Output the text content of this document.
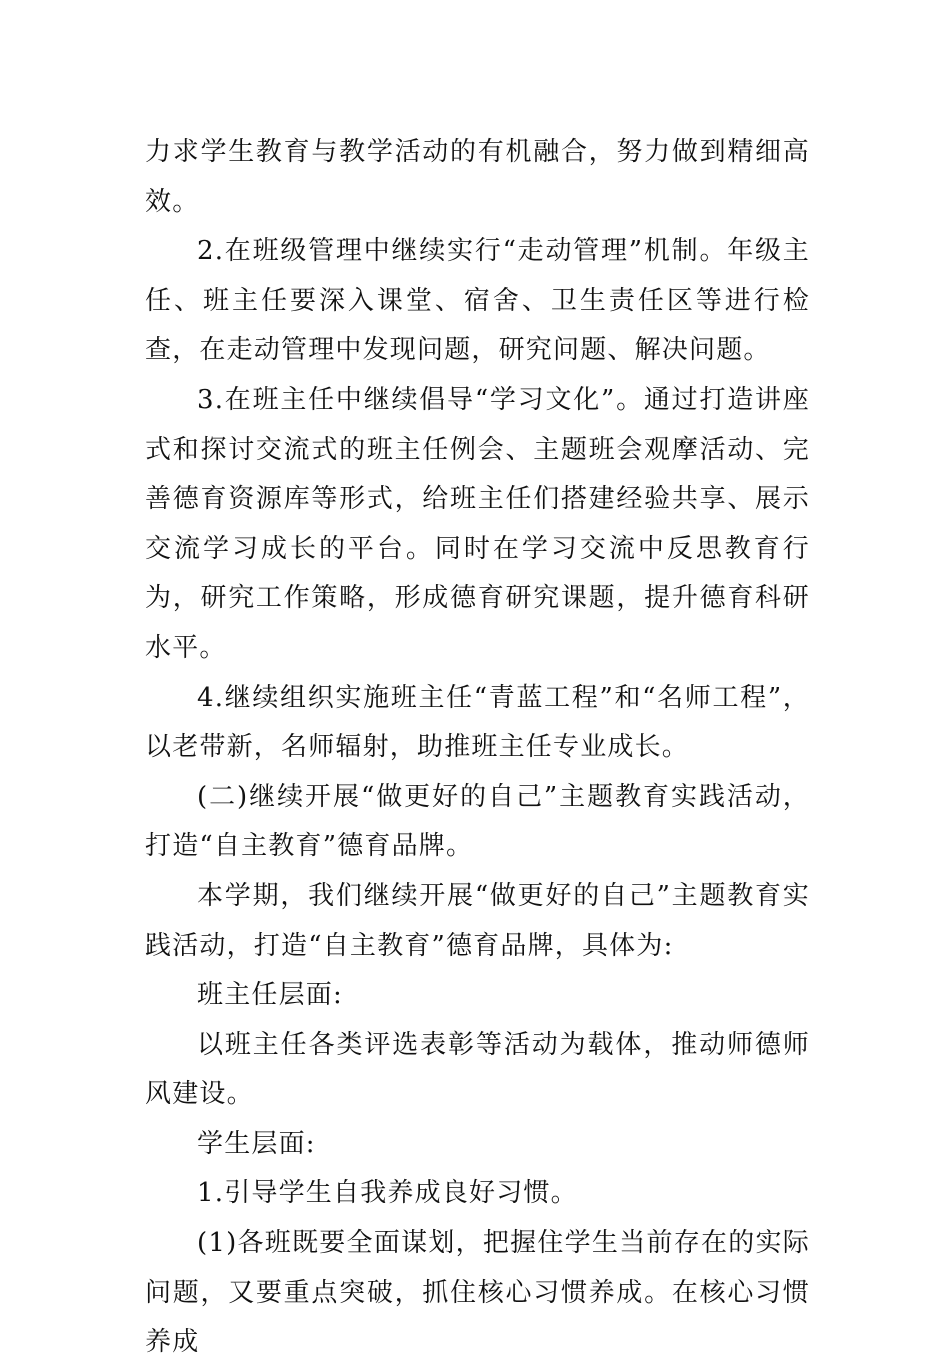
力求学生教育与教学活动的有机融合，努力做到精细高效。

2.在班级管理中继续实行“走动管理”机制。年级主任、班主任要深入课堂、宿舍、卫生责任区等进行检查，在走动管理中发现问题，研究问题、解决问题。

3.在班主任中继续倡导“学习文化”。通过打造讲座式和探讨交流式的班主任例会、主题班会观摩活动、完善德育资源库等形式，给班主任们搭建经验共享、展示交流学习成长的平台。同时在学习交流中反思教育行为，研究工作策略，形成德育研究课题，提升德育科研水平。

4.继续组织实施班主任“青蓝工程”和“名师工程”，以老带新，名师辐射，助推班主任专业成长。

(二)继续开展“做更好的自己”主题教育实践活动，打造“自主教育”德育品牌。

本学期，我们继续开展“做更好的自己”主题教育实践活动，打造“自主教育”德育品牌，具体为:

班主任层面:

以班主任各类评选表彰等活动为载体，推动师德师风建设。

学生层面:

1.引导学生自我养成良好习惯。

(1)各班既要全面谋划，把握住学生当前存在的实际问题，又要重点突破，抓住核心习惯养成。在核心习惯养成
